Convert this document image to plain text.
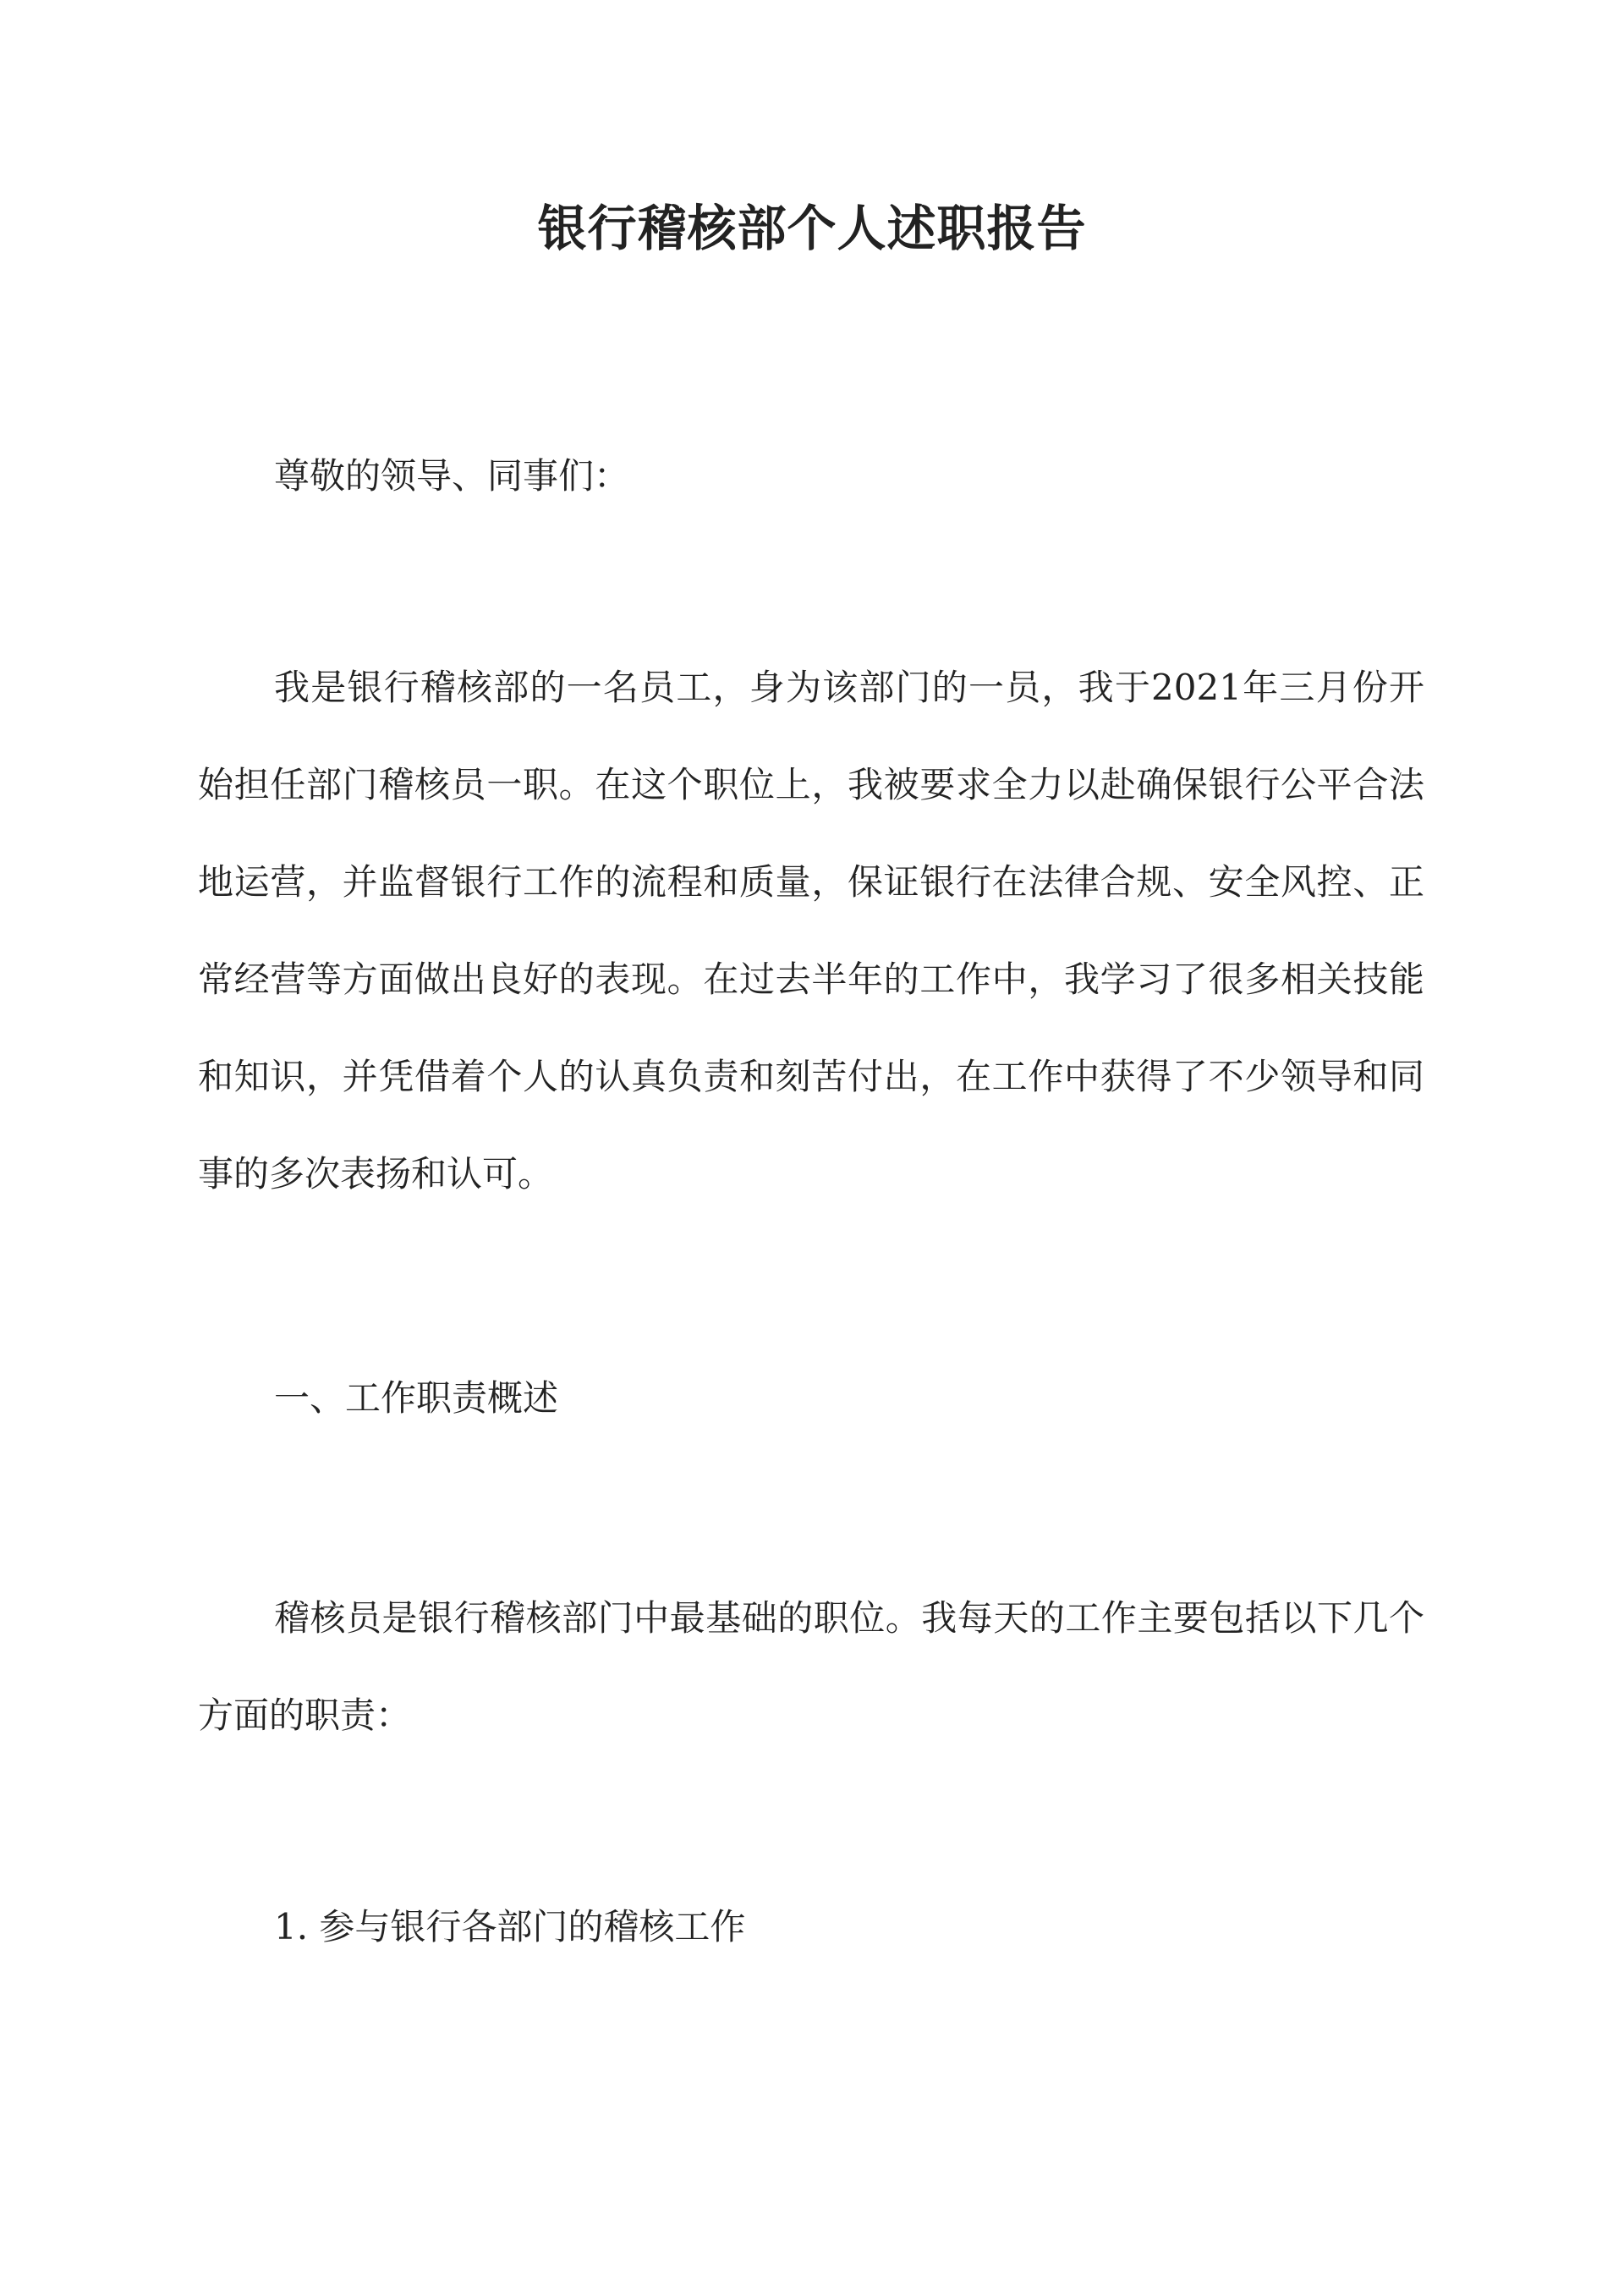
银行稽核部个人述职报告

尊敬的领导、同事们：

我是银行稽核部的一名员工，身为该部门的一员，我于2021年三月份开始担任部门稽核员一职。在这个职位上，我被要求全力以赴确保银行公平合法地运营，并监督银行工作的流程和质量，保证银行在法律合规、安全风控、正常经营等方面做出良好的表现。在过去半年的工作中，我学习了很多相关技能和知识，并凭借着个人的认真负责和刻苦付出，在工作中获得了不少领导和同事的多次表扬和认可。

一、工作职责概述

稽核员是银行稽核部门中最基础的职位。我每天的工作主要包括以下几个方面的职责：

1. 参与银行各部门的稽核工作
